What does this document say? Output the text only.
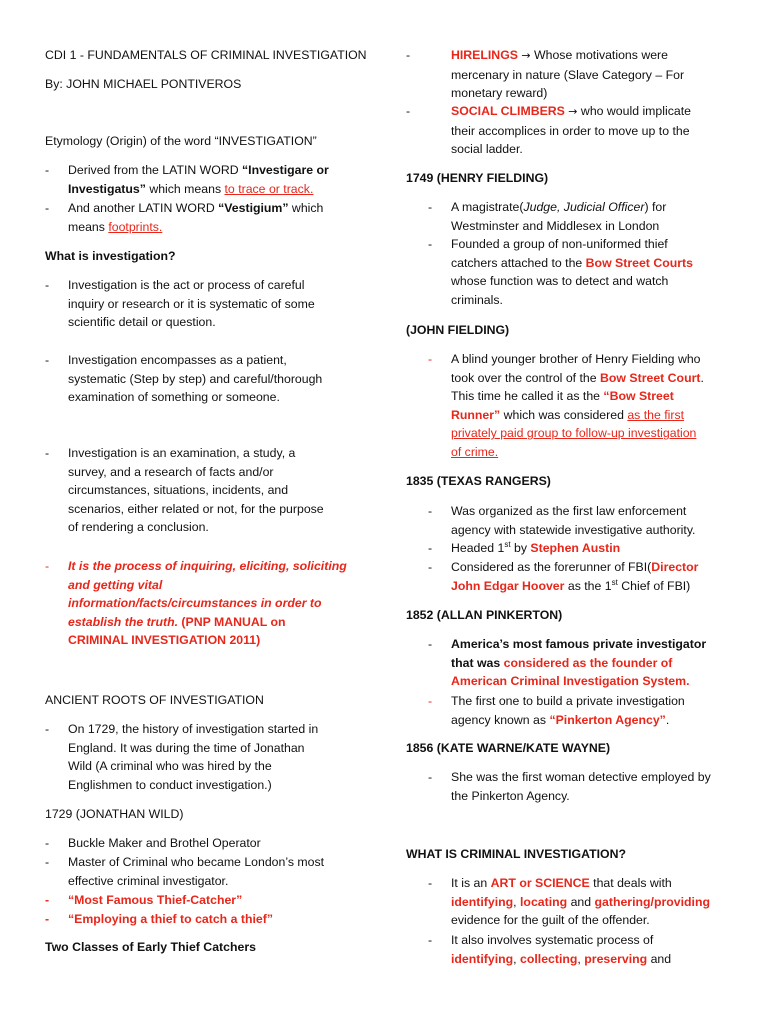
CDI 1 - FUNDAMENTALS OF CRIMINAL INVESTIGATION
By: JOHN MICHAEL PONTIVEROS
Etymology (Origin) of the word “INVESTIGATION”
- Derived from the LATIN WORD “Investigare or
Investigatus” which means to trace or track.
- And another LATIN WORD “Vestigium” which
means footprints.
What is investigation?
- Investigation is the act or process of careful
inquiry or research or it is systematic of some
scientific detail or question.
- Investigation encompasses as a patient,
systematic (Step by step) and careful/thorough
examination of something or someone.
- Investigation is an examination, a study, a
survey, and a research of facts and/or
circumstances, situations, incidents, and
scenarios, either related or not, for the purpose
of rendering a conclusion.
- It is the process of inquiring, eliciting, soliciting
and getting vital
information/facts/circumstances in order to
establish the truth. (PNP MANUAL on
CRIMINAL INVESTIGATION 2011)
ANCIENT ROOTS OF INVESTIGATION
- On 1729, the history of investigation started in
England. It was during the time of Jonathan
Wild (A criminal who was hired by the
Englishmen to conduct investigation.)
1729 (JONATHAN WILD)
- Buckle Maker and Brothel Operator
- Master of Criminal who became London’s most
effective criminal investigator.
- “Most Famous Thief-Catcher”
- “Employing a thief to catch a thief”
Two Classes of Early Thief Catchers
-	HIRELINGS → Whose motivations were
mercenary in nature (Slave Category – For
monetary reward)
-	SOCIAL CLIMBERS → who would implicate
their accomplices in order to move up to the
social ladder.
1749 (HENRY FIELDING)
- A magistrate(Judge, Judicial Officer) for
Westminster and Middlesex in London
- Founded a group of non-uniformed thief
catchers attached to the Bow Street Courts
whose function was to detect and watch
criminals.
(JOHN FIELDING)
- A blind younger brother of Henry Fielding who
took over the control of the Bow Street Court.
This time he called it as the “Bow Street
Runner” which was considered as the first
privately paid group to follow-up investigation
of crime.
1835 (TEXAS RANGERS)
- Was organized as the first law enforcement
agency with statewide investigative authority.
- Headed 1st by Stephen Austin
- Considered as the forerunner of FBI(Director
John Edgar Hoover as the 1st Chief of FBI)
1852 (ALLAN PINKERTON)
- America’s most famous private investigator
that was considered as the founder of
American Criminal Investigation System.
- The first one to build a private investigation
agency known as “Pinkerton Agency”.
1856 (KATE WARNE/KATE WAYNE)
- She was the first woman detective employed by
the Pinkerton Agency.
WHAT IS CRIMINAL INVESTIGATION?
- It is an ART or SCIENCE that deals with
identifying, locating and gathering/providing
evidence for the guilt of the offender.
- It also involves systematic process of
identifying, collecting, preserving and
